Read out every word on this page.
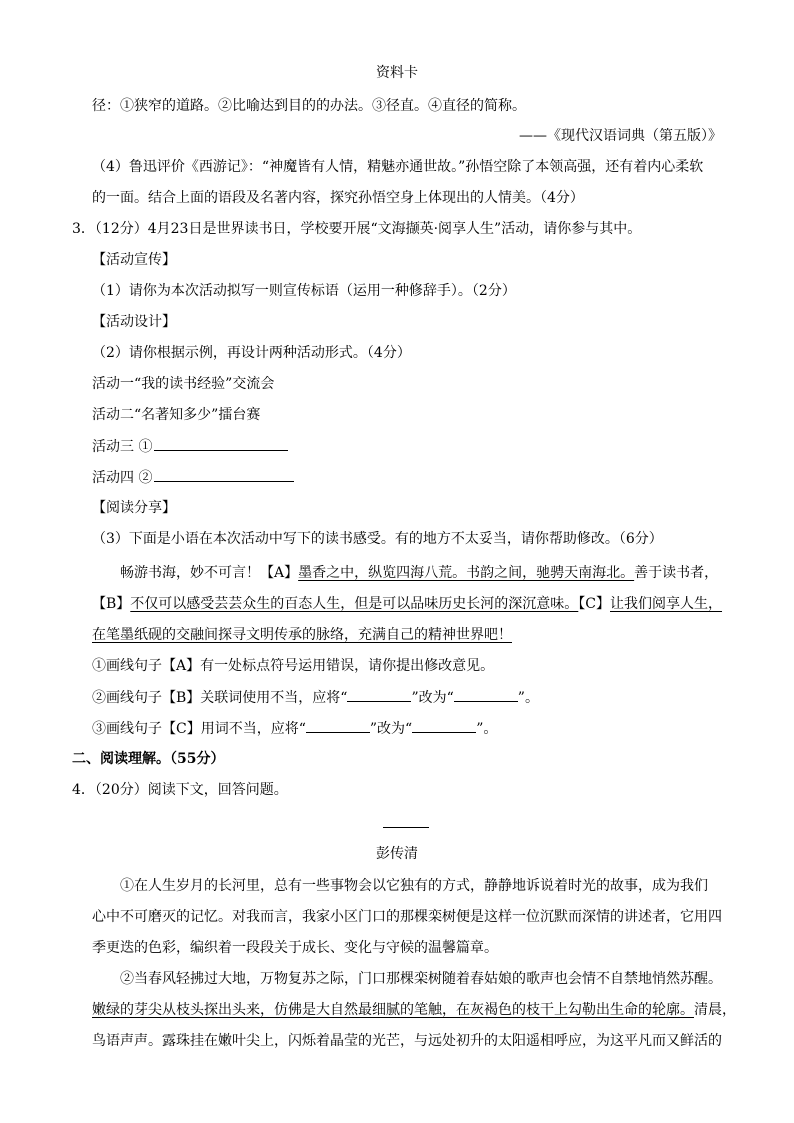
资料卡
径：①狭窄的道路。②比喻达到目的的办法。③径直。④直径的简称。
——《现代汉语词典（第五版）》
（4）鲁迅评价《西游记》：“神魔皆有人情，精魅亦通世故。”孙悟空除了本领高强，还有着内心柔软
的一面。结合上面的语段及名著内容，探究孙悟空身上体现出的人情美。（4分）
3．（12分）4月23日是世界读书日，学校要开展“文海撷英·阅享人生”活动，请你参与其中。
【活动宣传】
（1）请你为本次活动拟写一则宣传标语（运用一种修辞手）。（2分）
【活动设计】
（2）请你根据示例，再设计两种活动形式。（4分）
活动一“我的读书经验”交流会
活动二“名著知多少”擂台赛
活动三 ①
活动四 ②
【阅读分享】
（3）下面是小语在本次活动中写下的读书感受。有的地方不太妥当，请你帮助修改。（6分）
畅游书海，妙不可言！【A】墨香之中，纵览四海八荒。书韵之间，驰骋天南海北。善于读书者，
【B】不仅可以感受芸芸众生的百态人生，但是可以品味历史长河的深沉意味。【C】让我们阅享人生，
在笔墨纸砚的交融间探寻文明传承的脉络，充满自己的精神世界吧！
①画线句子【A】有一处标点符号运用错误，请你提出修改意见。
②画线句子【B】关联词使用不当，应将“	”改为“	”。
③画线句子【C】用词不当，应将“	”改为“	”。
二、阅读理解。（55分）
4．（20分）阅读下文，回答问题。
彭传清
①在人生岁月的长河里，总有一些事物会以它独有的方式，静静地诉说着时光的故事，成为我们
心中不可磨灭的记忆。对我而言，我家小区门口的那棵栾树便是这样一位沉默而深情的讲述者，它用四
季更迭的色彩，编织着一段段关于成长、变化与守候的温馨篇章。
②当春风轻拂过大地，万物复苏之际，门口那棵栾树随着春姑娘的歌声也会情不自禁地悄然苏醒。
嫩绿的芽尖从枝头探出头来，仿佛是大自然最细腻的笔触，在灰褐色的枝干上勾勒出生命的轮廓。清晨，
鸟语声声。露珠挂在嫩叶尖上，闪烁着晶莹的光芒，与远处初升的太阳遥相呼应，为这平凡而又鲜活的
